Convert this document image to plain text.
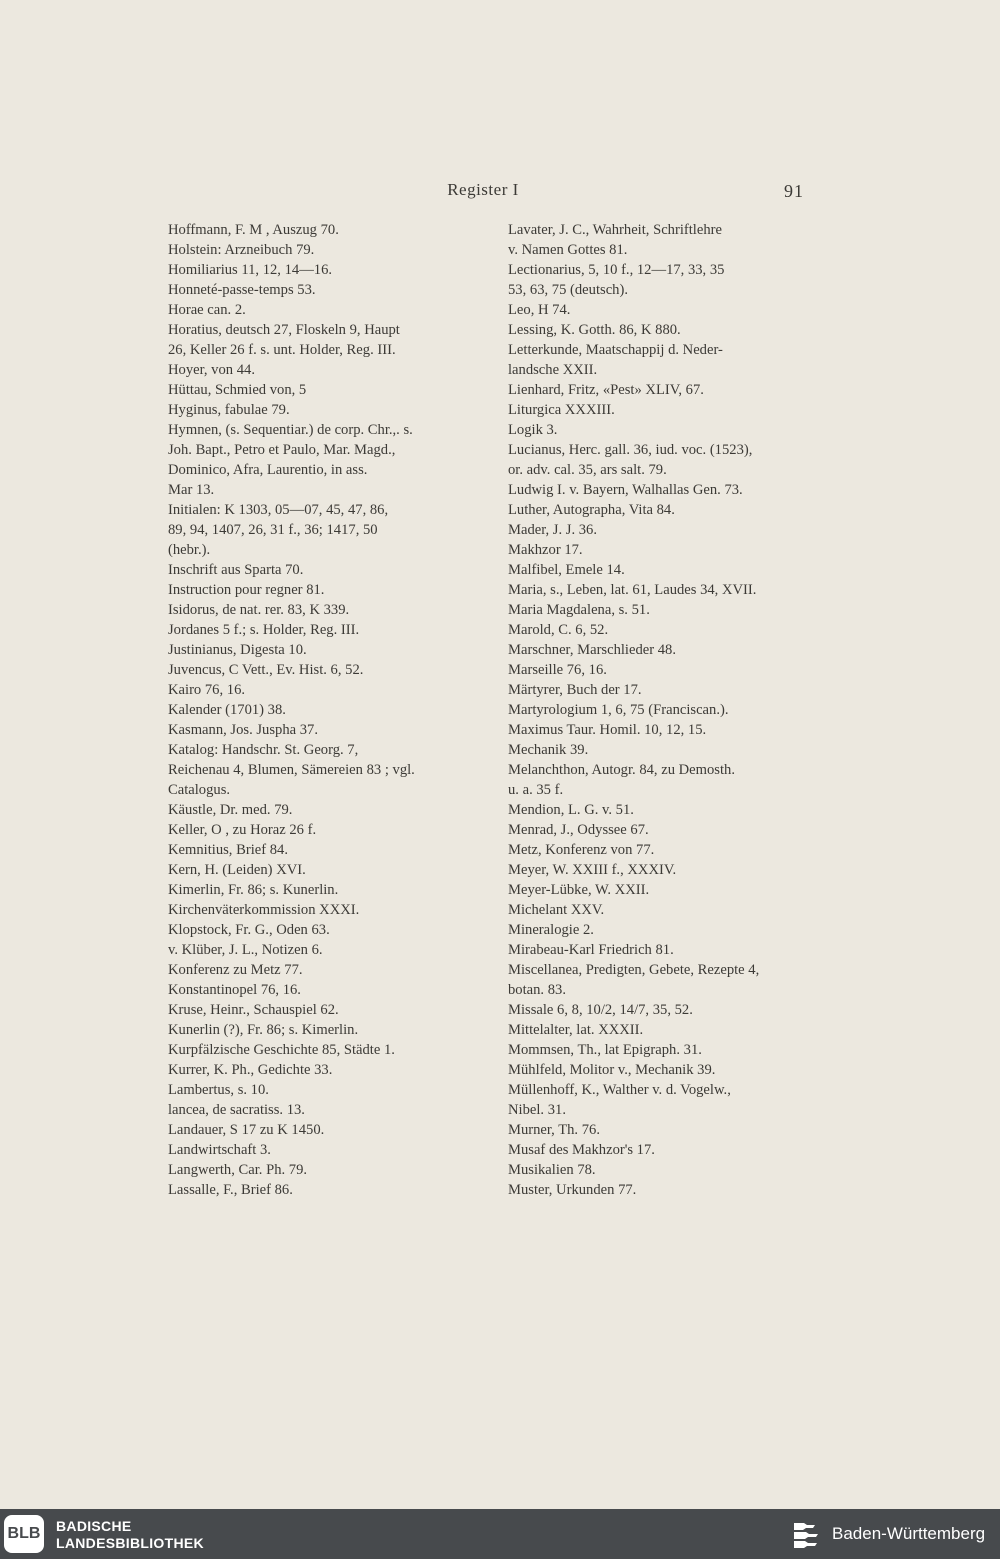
Register I	91
Hoffmann, F. M , Auszug 70.
Holstein: Arzneibuch 79.
Homiliarius 11, 12, 14—16.
Honneté-passe-temps 53.
Horae can. 2.
Horatius, deutsch 27, Floskeln 9, Haupt
26, Keller 26 f. s. unt. Holder, Reg. III.
Hoyer, von 44.
Hüttau, Schmied von, 5
Hyginus, fabulae 79.
Hymnen, (s. Sequentiar.) de corp. Chr.,. s.
Joh. Bapt., Petro et Paulo, Mar. Magd.,
Dominico, Afra, Laurentio, in ass.
Mar 13.
Initialen: K 1303, 05—07, 45, 47, 86,
89, 94, 1407, 26, 31 f., 36; 1417, 50
(hebr.).
Inschrift aus Sparta 70.
Instruction pour regner 81.
Isidorus, de nat. rer. 83, K 339.
Jordanes 5 f.; s. Holder, Reg. III.
Justinianus, Digesta 10.
Juvencus, C Vett., Ev. Hist. 6, 52.
Kairo 76, 16.
Kalender (1701) 38.
Kasmann, Jos. Juspha 37.
Katalog: Handschr. St. Georg. 7,
Reichenau 4, Blumen, Sämereien 83 ; vgl.
Catalogus.
Käustle, Dr. med. 79.
Keller, O , zu Horaz 26 f.
Kemnitius, Brief 84.
Kern, H. (Leiden) XVI.
Kimerlin, Fr. 86; s. Kunerlin.
Kirchenväterkommission XXXI.
Klopstock, Fr. G., Oden 63.
v. Klüber, J. L., Notizen 6.
Konferenz zu Metz 77.
Konstantinopel 76, 16.
Kruse, Heinr., Schauspiel 62.
Kunerlin (?), Fr. 86; s. Kimerlin.
Kurpfälzische Geschichte 85, Städte 1.
Kurrer, K. Ph., Gedichte 33.
Lambertus, s. 10.
lancea, de sacratiss. 13.
Landauer, S 17 zu K 1450.
Landwirtschaft 3.
Langwerth, Car. Ph. 79.
Lassalle, F., Brief 86.
Lavater, J. C., Wahrheit, Schriftlehre
v. Namen Gottes 81.
Lectionarius, 5, 10 f., 12—17, 33, 35
53, 63, 75 (deutsch).
Leo, H 74.
Lessing, K. Gotth. 86, K 880.
Letterkunde, Maatschappij d. Neder-
landsche XXII.
Lienhard, Fritz, «Pest» XLIV, 67.
Liturgica XXXIII.
Logik 3.
Lucianus, Herc. gall. 36, iud. voc. (1523),
or. adv. cal. 35, ars salt. 79.
Ludwig I. v. Bayern, Walhallas Gen. 73.
Luther, Autographa, Vita 84.
Mader, J. J. 36.
Makhzor 17.
Malfibel, Emele 14.
Maria, s., Leben, lat. 61, Laudes 34, XVII.
Maria Magdalena, s. 51.
Marold, C. 6, 52.
Marschner, Marschlieder 48.
Marseille 76, 16.
Märtyrer, Buch der 17.
Martyrologium 1, 6, 75 (Franciscan.).
Maximus Taur. Homil. 10, 12, 15.
Mechanik 39.
Melanchthon, Autogr. 84, zu Demosth.
u. a. 35 f.
Mendion, L. G. v. 51.
Menrad, J., Odyssee 67.
Metz, Konferenz von 77.
Meyer, W. XXIII f., XXXIV.
Meyer-Lübke, W. XXII.
Michelant XXV.
Mineralogie 2.
Mirabeau-Karl Friedrich 81.
Miscellanea, Predigten, Gebete, Rezepte 4,
botan. 83.
Missale 6, 8, 10/2, 14/7, 35, 52.
Mittelalter, lat. XXXII.
Mommsen, Th., lat Epigraph. 31.
Mühlfeld, Molitor v., Mechanik 39.
Müllenhoff, K., Walther v. d. Vogelw.,
Nibel. 31.
Murner, Th. 76.
Musaf des Makhzor's 17.
Musikalien 78.
Muster, Urkunden 77.
BLB BADISCHE
LANDESBIBLIOTHEK	Baden-Württemberg
